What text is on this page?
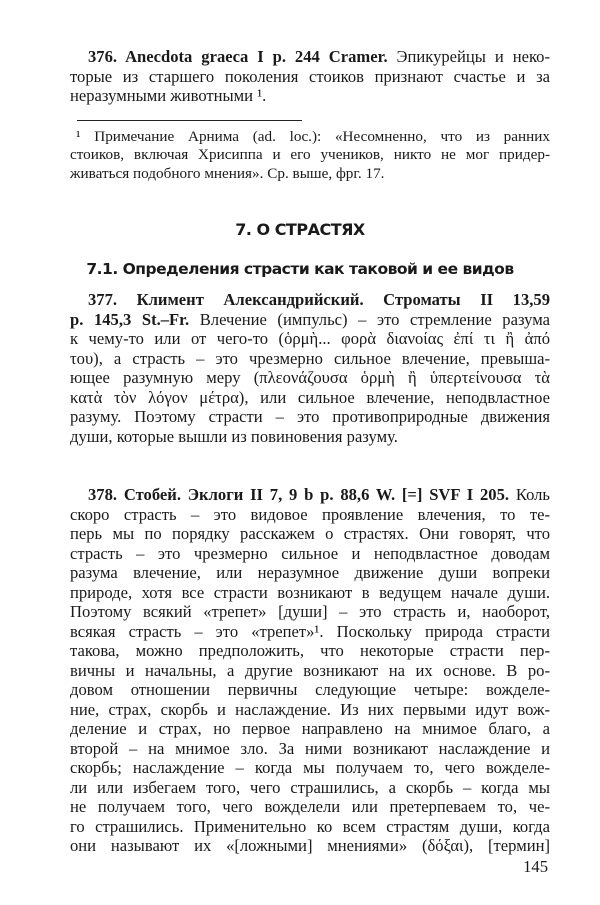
376. Anecdota graeca I p. 244 Cramer. Эпикурейцы и неко-
торые из старшего поколения стоиков признают счастье и за
неразумными животными ¹.
¹ Примечание Арнима (ad. loc.): «Несомненно, что из ранних
стоиков, включая Хрисиппа и его учеников, никто не мог придер-
живаться подобного мнения». Ср. выше, фрг. 17.
7. О СТРАСТЯХ
7.1. Определения страсти как таковой и ее видов
377. Климент Александрийский. Строматы II 13,59
p. 145,3 St.–Fr. Влечение (импульс) – это стремление разума
к чему-то или от чего-то (ὁρμὴ... φορὰ διανοίας ἐπί τι ἢ ἀπό
του), а страсть – это чрезмерно сильное влечение, превыша-
ющее разумную меру (πλεονάζουσα ὁρμὴ ἢ ὑπερτείνουσα τὰ
κατὰ τὸν λόγον μέτρα), или сильное влечение, неподвластное
разуму. Поэтому страсти – это противоприродные движения
души, которые вышли из повиновения разуму.
378. Стобей. Эклоги II 7, 9 b p. 88,6 W. [=] SVF I 205. Коль
скоро страсть – это видовое проявление влечения, то те-
перь мы по порядку расскажем о страстях. Они говорят, что
страсть – это чрезмерно сильное и неподвластное доводам
разума влечение, или неразумное движение души вопреки
природе, хотя все страсти возникают в ведущем начале души.
Поэтому всякий «трепет» [души] – это страсть и, наоборот,
всякая страсть – это «трепет»¹. Поскольку природа страсти
такова, можно предположить, что некоторые страсти пер-
вичны и начальны, а другие возникают на их основе. В ро-
довом отношении первичны следующие четыре: вожделе-
ние, страх, скорбь и наслаждение. Из них первыми идут вож-
деление и страх, но первое направлено на мнимое благо, а
второй – на мнимое зло. За ними возникают наслаждение и
скорбь; наслаждение – когда мы получаем то, чего вожделе-
ли или избегаем того, чего страшились, а скорбь – когда мы
не получаем того, чего вожделели или претерпеваем то, че-
го страшились. Применительно ко всем страстям души, когда
они называют их «[ложными] мнениями» (δόξαι), [термин]
145
